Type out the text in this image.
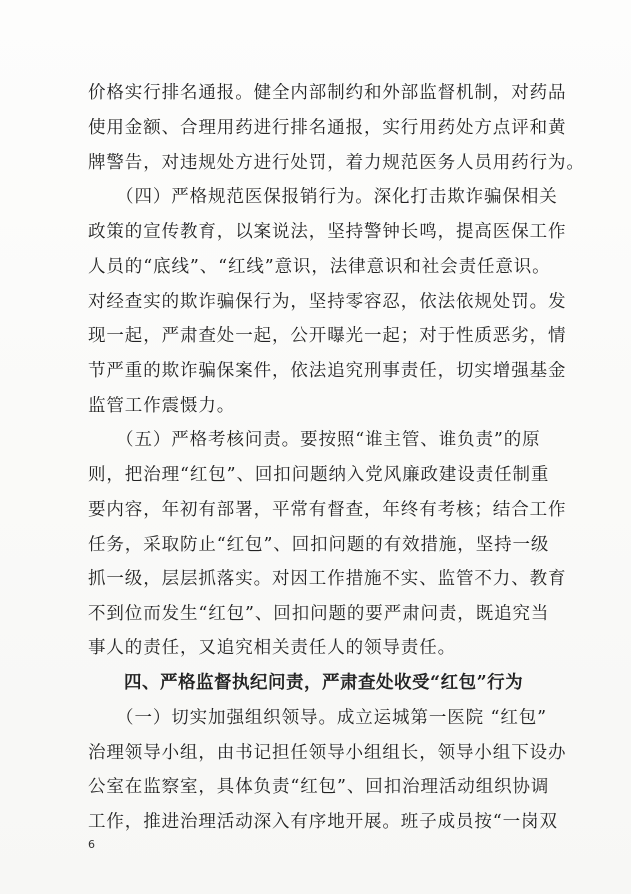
价格实行排名通报。健全内部制约和外部监督机制，对药品
使用金额、合理用药进行排名通报，实行用药处方点评和黄
牌警告，对违规处方进行处罚，着力规范医务人员用药行为。
　　（四）严格规范医保报销行为。深化打击欺诈骗保相关
政策的宣传教育，以案说法，坚持警钟长鸣，提高医保工作
人员的“底线”、“红线”意识，法律意识和社会责任意识。
对经查实的欺诈骗保行为，坚持零容忍，依法依规处罚。发
现一起，严肃查处一起，公开曝光一起；对于性质恶劣，情
节严重的欺诈骗保案件，依法追究刑事责任，切实增强基金
监管工作震慑力。
　　（五）严格考核问责。要按照“谁主管、谁负责”的原
则，把治理“红包”、回扣问题纳入党风廉政建设责任制重
要内容，年初有部署，平常有督查，年终有考核；结合工作
任务，采取防止“红包”、回扣问题的有效措施，坚持一级
抓一级，层层抓落实。对因工作措施不实、监管不力、教育
不到位而发生“红包”、回扣问题的要严肃问责，既追究当
事人的责任，又追究相关责任人的领导责任。
　　四、严格监督执纪问责，严肃查处收受“红包”行为
　　（一）切实加强组织领导。成立运城第一医院 “红包”
治理领导小组，由书记担任领导小组组长，领导小组下设办
公室在监察室，具体负责“红包”、回扣治理活动组织协调
工作，推进治理活动深入有序地开展。班子成员按“一岗双
6
